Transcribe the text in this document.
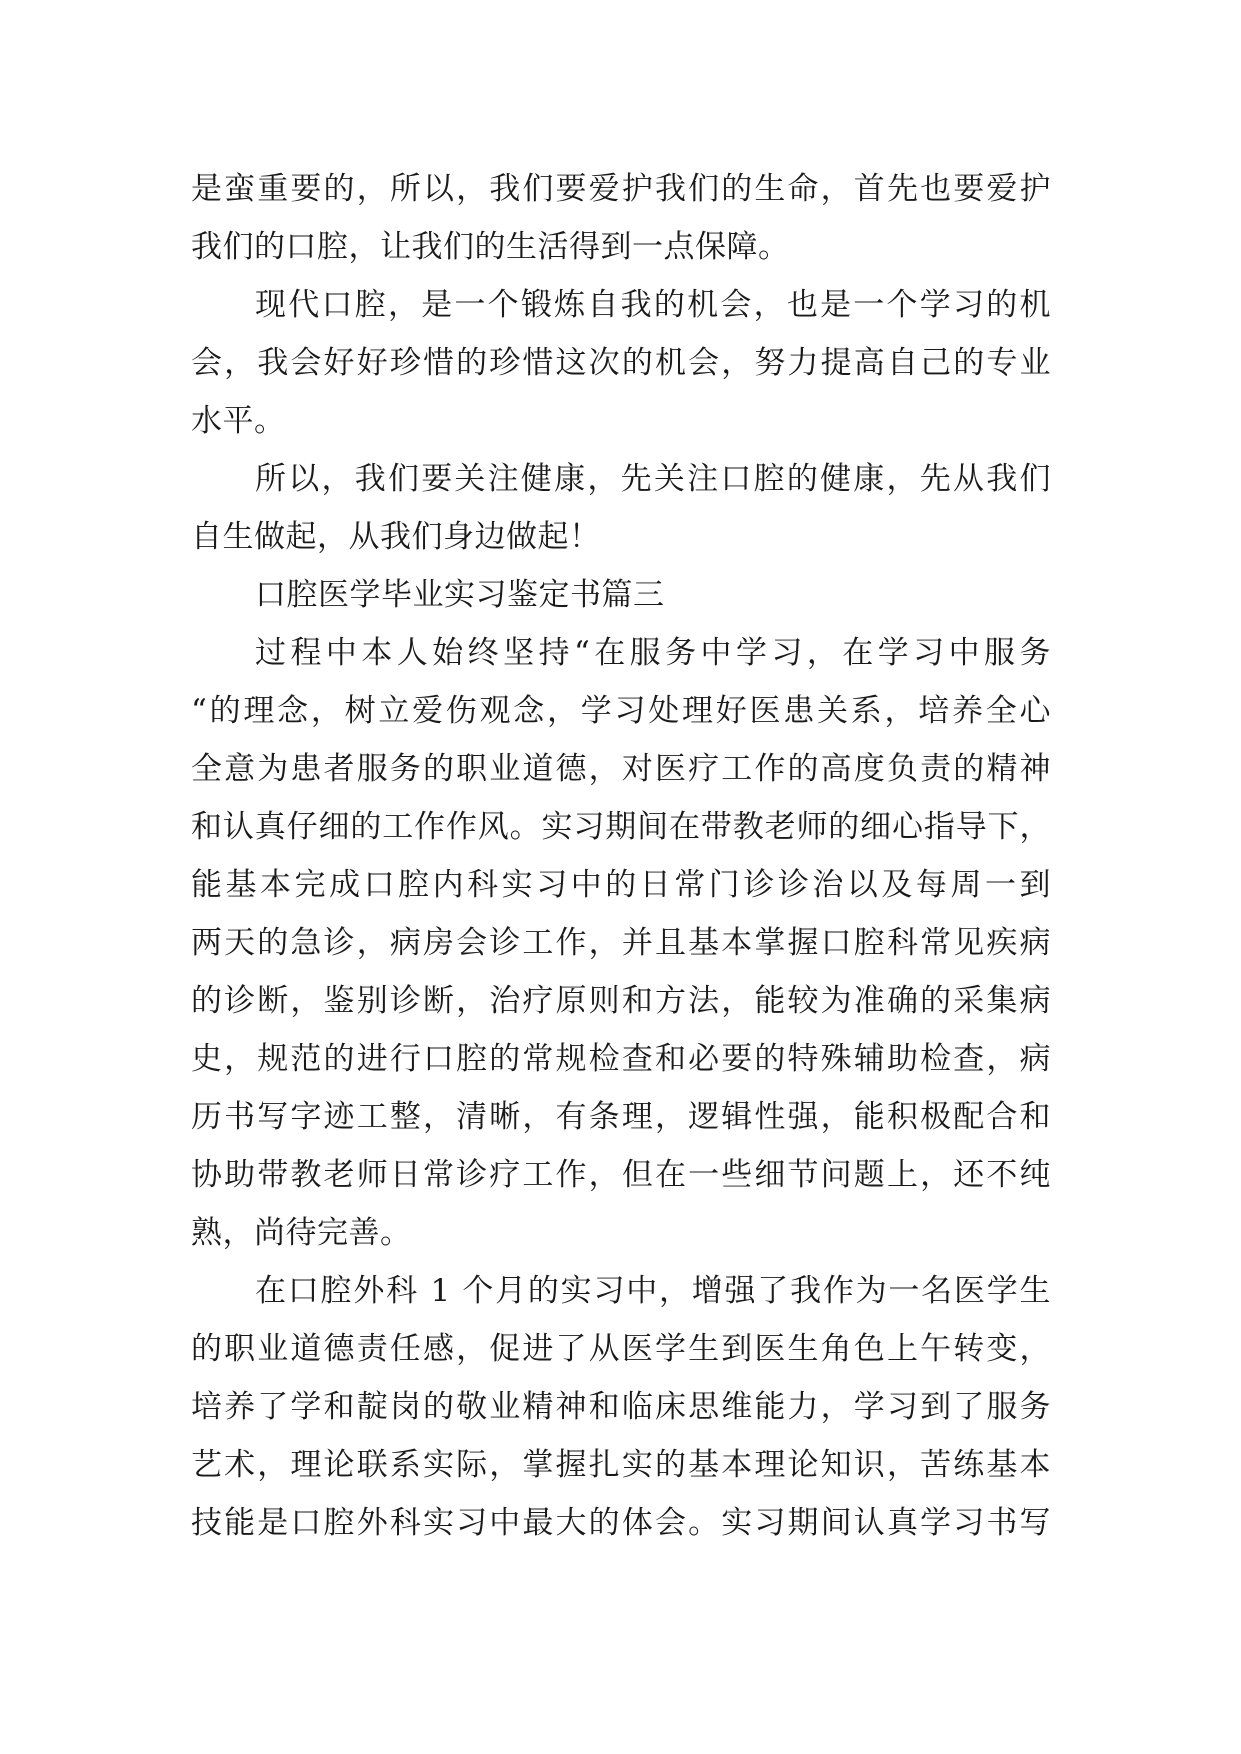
是蛮重要的，所以，我们要爱护我们的生命，首先也要爱护
我们的口腔，让我们的生活得到一点保障。
现代口腔，是一个锻炼自我的机会，也是一个学习的机
会，我会好好珍惜的珍惜这次的机会，努力提高自己的专业
水平。
所以，我们要关注健康，先关注口腔的健康，先从我们
自生做起，从我们身边做起！
口腔医学毕业实习鉴定书篇三
过程中本人始终坚持“在服务中学习，在学习中服务
“的理念，树立爱伤观念，学习处理好医患关系，培养全心
全意为患者服务的职业道德，对医疗工作的高度负责的精神
和认真仔细的工作作风。实习期间在带教老师的细心指导下，
能基本完成口腔内科实习中的日常门诊诊治以及每周一到
两天的急诊，病房会诊工作，并且基本掌握口腔科常见疾病
的诊断，鉴别诊断，治疗原则和方法，能较为准确的采集病
史，规范的进行口腔的常规检查和必要的特殊辅助检查，病
历书写字迹工整，清晰，有条理，逻辑性强，能积极配合和
协助带教老师日常诊疗工作，但在一些细节问题上，还不纯
熟，尚待完善。
在口腔外科 1 个月的实习中，增强了我作为一名医学生
的职业道德责任感，促进了从医学生到医生角色上午转变，
培养了学和靛岗的敬业精神和临床思维能力，学习到了服务
艺术，理论联系实际，掌握扎实的基本理论知识，苦练基本
技能是口腔外科实习中最大的体会。实习期间认真学习书写
